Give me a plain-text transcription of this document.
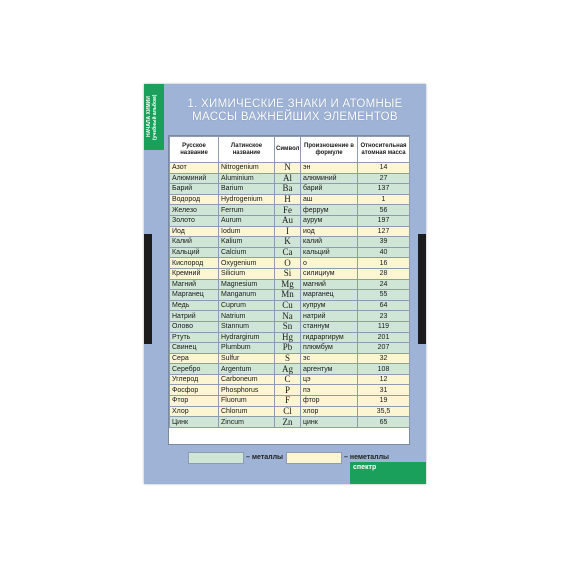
НАЧАЛА ХИМИИ (учебный альбом)	1. ХИМИЧЕСКИЕ ЗНАКИ И АТОМНЫЕ
МАССЫ ВАЖНЕЙШИХ ЭЛЕМЕНТОВ
Русское название	Латинское название	Символ	Произношение в формуле	Относительная атомная масса
Азот	Nitrogenium	N	эн	14
Алюминий	Aluminium	Al	алюминий	27
Барий	Barium	Ba	барий	137
Водород	Hydrogenium	H	аш	1
Железо	Ferrum	Fe	феррум	56
Золото	Aurum	Au	аурум	197
Иод	Iodum	I	иод	127
Калий	Kalium	K	калий	39
Кальций	Calcium	Ca	кальций	40
Кислород	Oxygenium	O	о	16
Кремний	Silicium	Si	силициум	28
Магний	Magnesium	Mg	магний	24
Марганец	Manganum	Mn	марганец	55
Медь	Cuprum	Cu	купрум	64
Натрий	Natrium	Na	натрий	23
Олово	Stannum	Sn	станнум	119
Ртуть	Hydrargirum	Hg	гидраргирум	201
Свинец	Plumbum	Pb	плюмбум	207
Сера	Sulfur	S	эс	32
Серебро	Argentum	Ag	аргентум	108
Углерод	Carboneum	C	цэ	12
Фосфор	Phosphorus	P	пэ	31
Фтор	Fluorum	F	фтор	19
Хлор	Chlorum	Cl	хлор	35,5
Цинк	Zincum	Zn	цинк	65
– металлы	– неметаллы
спектр
